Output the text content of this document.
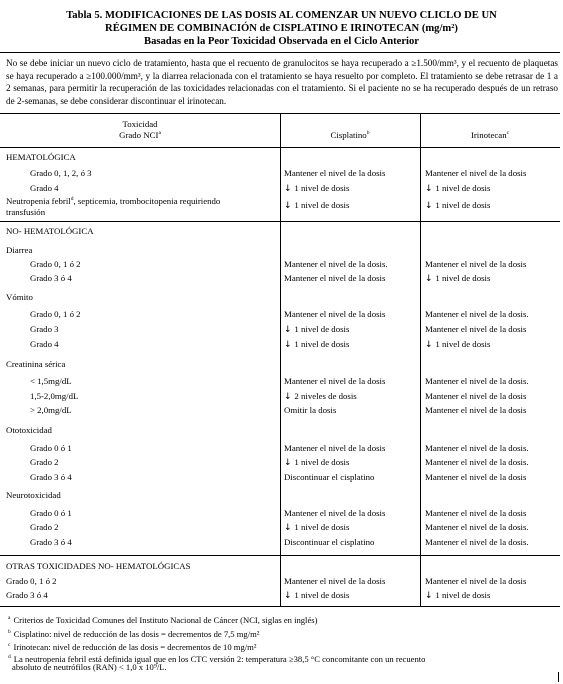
Tabla 5. MODIFICACIONES DE LAS DOSIS AL COMENZAR UN NUEVO CLICLO DE UN
RÉGIMEN DE COMBINACIÓN de CISPLATINO E IRINOTECAN (mg/m²)
Basadas en la Peor Toxicidad Observada en el Ciclo Anterior
No se debe iniciar un nuevo ciclo de tratamiento, hasta que el recuento de granulocitos se haya recuperado a ≥1.500/mm³, y el recuento de plaquetas se haya recuperado a ≥100.000/mm³, y la diarrea relacionada con el tratamiento se haya resuelto por completo. El tratamiento se debe retrasar de 1 a 2 semanas, para permitir la recuperación de las toxicidades relacionadas con el tratamiento. Si el paciente no se ha recuperado después de un retraso de 2-semanas, se debe considerar discontinuar el irinotecan.
Toxicidad
Grado NCI$^a$	Cisplatino$^b$	Irinotecan$^c$
HEMATOLÓGICA
Grado 0, 1, 2, ó 3	Mantener el nivel de la dosis	Mantener el nivel de la dosis
Grado 4	↓ 1 nivel de dosis	↓ 1 nivel de dosis
Neutropenia febril$^d$, septicemia, trombocitopenia requiriendo
transfusión
↓ 1 nivel de dosis	↓ 1 nivel de dosis
NO- HEMATOLÓGICA
Diarrea
Grado 0, 1 ó 2	Mantener el nivel de la dosis.	Mantener el nivel de la dosis
Grado 3 ó 4	Mantener el nivel de la dosis	↓ 1 nivel de dosis
Vómito
Grado 0, 1 ó 2	Mantener el nivel de la dosis	Mantener el nivel de la dosis.
Grado 3	↓ 1 nivel de dosis	Mantener el nivel de la dosis
Grado 4	↓ 1 nivel de dosis	↓ 1 nivel de dosis
Creatinina sérica
< 1,5mg/dL	Mantener el nivel de la dosis	Mantener el nivel de la dosis.
1,5-2,0mg/dL	↓ 2 niveles de dosis	Mantener el nivel de la dosis
> 2,0mg/dL	Omitir la dosis	Mantener el nivel de la dosis
Ototoxicidad
Grado 0 ó 1	Mantener el nivel de la dosis	Mantener el nivel de la dosis.
Grado 2	↓ 1 nivel de dosis	Mantener el nivel de la dosis.
Grado 3 ó 4	Discontinuar el cisplatino	Mantener el nivel de la dosis
Neurotoxicidad
Grado 0 ó 1	Mantener el nivel de la dosis	Mantener el nivel de la dosis
Grado 2	↓ 1 nivel de dosis	Mantener el nivel de la dosis.
Grado 3 ó 4	Discontinuar el cisplatino	Mantener el nivel de la dosis.
OTRAS TOXICIDADES NO- HEMATOLÓGICAS
Grado 0, 1 ó 2	Mantener el nivel de la dosis	Mantener el nivel de la dosis
Grado 3 ó 4	↓ 1 nivel de dosis	↓ 1 nivel de dosis
$^a$ Criterios de Toxicidad Comunes del Instituto Nacional de Cáncer (NCI, siglas en inglés)
$^b$ Cisplatino: nivel de reducción de las dosis = decrementos de 7,5 mg/m²
$^c$ Irinotecan: nivel de reducción de las dosis = decrementos de 10 mg/m²
$^d$ La neutropenia febril está definida igual que en los CTC versión 2: temperatura ≥38,5 °C concomitante con un recuento
absoluto de neutrófilos (RAN) < 1,0 x 10⁹/L.
